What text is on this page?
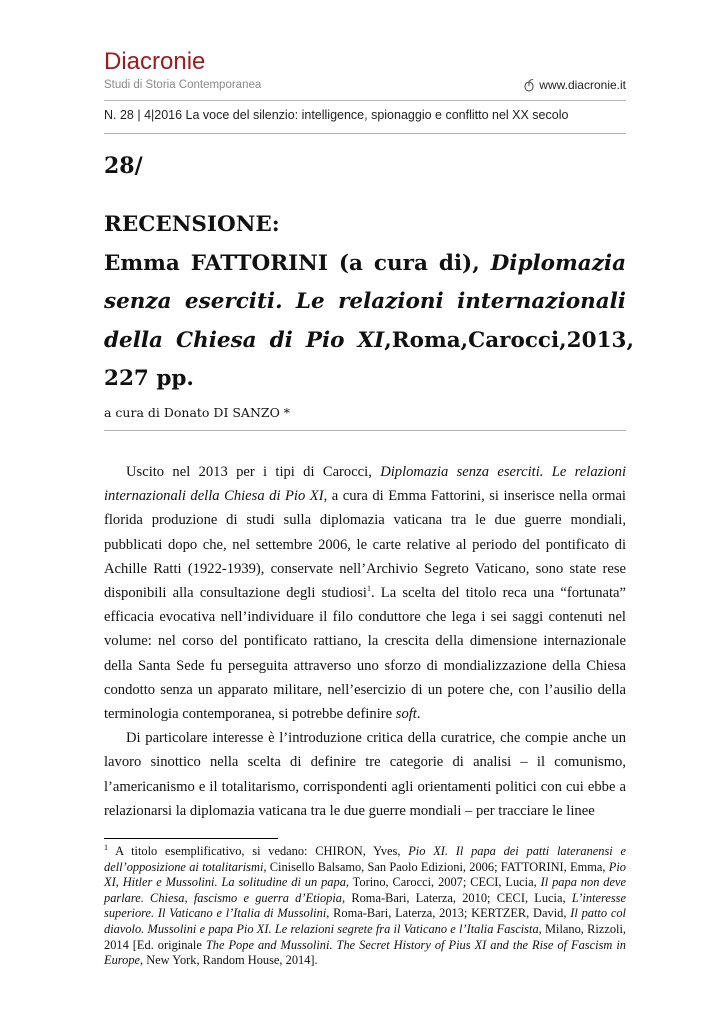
Diacronie
Studi di Storia Contemporanea	www.diacronie.it
N. 28 | 4|2016 La voce del silenzio: intelligence, spionaggio e conflitto nel XX secolo
28/
RECENSIONE:
Emma FATTORINI (a cura di), Diplomazia
senza eserciti. Le relazioni internazionali
della Chiesa di Pio XI, Roma, Carocci, 2013,
227 pp.
a cura di Donato DI SANZO *

Uscito nel 2013 per i tipi di Carocci, Diplomazia senza eserciti. Le relazioni internazionali della Chiesa di Pio XI, a cura di Emma Fattorini, si inserisce nella ormai florida produzione di studi sulla diplomazia vaticana tra le due guerre mondiali, pubblicati dopo che, nel settembre 2006, le carte relative al periodo del pontificato di Achille Ratti (1922-1939), conservate nell’Archivio Segreto Vaticano, sono state rese disponibili alla consultazione degli studiosi$^1$. La scelta del titolo reca una “fortunata” efficacia evocativa nell’individuare il filo conduttore che lega i sei saggi contenuti nel volume: nel corso del pontificato rattiano, la crescita della dimensione internazionale della Santa Sede fu perseguita attraverso uno sforzo di mondializzazione della Chiesa condotto senza un apparato militare, nell’esercizio di un potere che, con l’ausilio della terminologia contemporanea, si potrebbe definire soft.

Di particolare interesse è l’introduzione critica della curatrice, che compie anche un lavoro sinottico nella scelta di definire tre categorie di analisi – il comunismo, l’americanismo e il totalitarismo, corrispondenti agli orientamenti politici con cui ebbe a relazionarsi la diplomazia vaticana tra le due guerre mondiali – per tracciare le linee

$^1$ A titolo esemplificativo, si vedano: CHIRON, Yves, Pio XI. Il papa dei patti lateranensi e dell’opposizione ai totalitarismi, Cinisello Balsamo, San Paolo Edizioni, 2006; FATTORINI, Emma, Pio XI, Hitler e Mussolini. La solitudine di un papa, Torino, Carocci, 2007; CECI, Lucia, Il papa non deve parlare. Chiesa, fascismo e guerra d’Etiopia, Roma-Bari, Laterza, 2010; CECI, Lucia, L’interesse superiore. Il Vaticano e l’Italia di Mussolini, Roma-Bari, Laterza, 2013; KERTZER, David, Il patto col diavolo. Mussolini e papa Pio XI. Le relazioni segrete fra il Vaticano e l’Italia Fascista, Milano, Rizzoli, 2014 [Ed. originale The Pope and Mussolini. The Secret History of Pius XI and the Rise of Fascism in Europe, New York, Random House, 2014].
